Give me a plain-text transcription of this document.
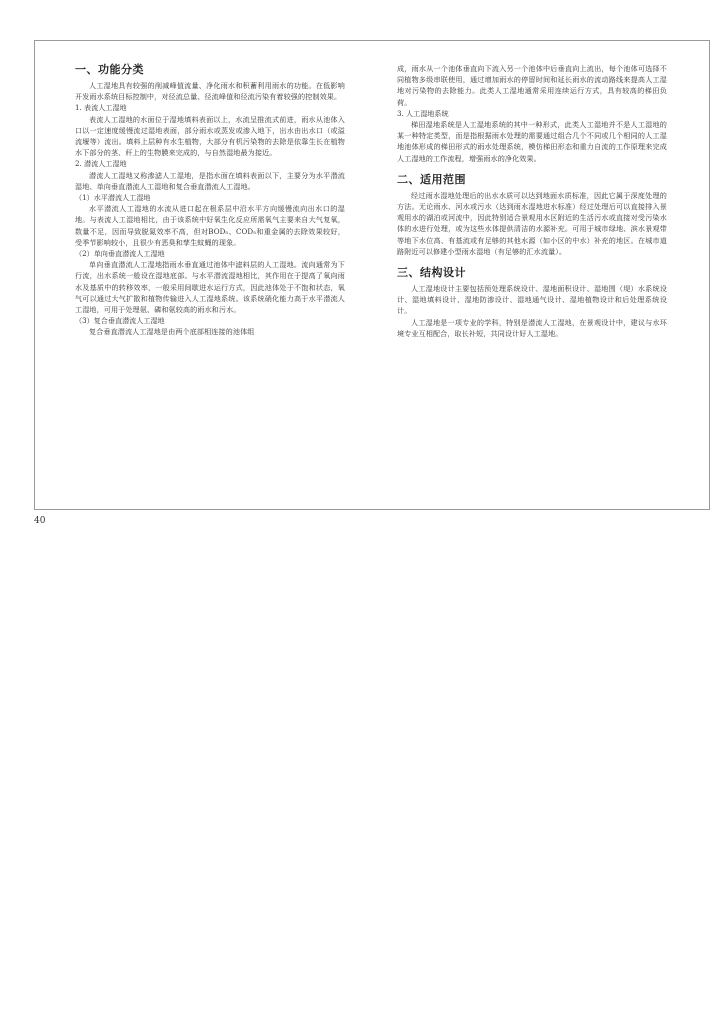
一、功能分类

人工湿地具有较强的削减峰值流量、净化雨水和积蓄利用雨水的功能。在低影响开发雨水系统目标控制中，对径流总量、径流峰值和径流污染有着较强的控制效果。

1. 表流人工湿地

表流人工湿地的水面位于湿地填料表面以上，水流呈推流式前进，雨水从池体入口以一定速度缓慢流过湿地表面，部分雨水或蒸发或渗入地下，出水由出水口（或溢流堰等）流出。填料上层种有水生植物，大部分有机污染物的去除是依靠生长在植物水下部分的茎、秆上的生物膜来完成的，与自然湿地最为接近。

2. 潜流人工湿地

潜流人工湿地又称渗滤人工湿地，是指水面在填料表面以下，主要分为水平潜流湿地、单向垂直潜流人工湿地和复合垂直潜流人工湿地。

（1）水平潜流人工湿地

水平潜流人工湿地的水流从进口起在根系层中沿水平方向缓慢流向出水口的湿地。与表流人工湿地相比，由于该系统中好氧生化反应所需氧气主要来自大气复氧，数量不足，因而导致脱氮效率不高，但对BOD₅、COD₅和重金属的去除效果较好，受季节影响较小，且很少有恶臭和孳生蚊蝇的现象。

（2）单向垂直潜流人工湿地

单向垂直潜流人工湿地指雨水垂直通过池体中滤料层的人工湿地。流向通常为下行流，出水系统一般设在湿地底部。与水平潜流湿地相比，其作用在于提高了氧向雨水及基质中的转移效率，一般采用间歇进水运行方式，因此池体处于不饱和状态，氧气可以通过大气扩散和植物传输进入人工湿地系统。该系统硝化能力高于水平潜流人工湿地，可用于处理氨、磷和氨较高的雨水和污水。

（3）复合垂直潜流人工湿地

复合垂直潜流人工湿地是由两个底部相连接的池体组

成，雨水从一个池体垂直向下流入另一个池体中后垂直向上流出，每个池体可选择不同植物多级串联使用，通过增加雨水的停留时间和延长雨水的流动路线来提高人工湿地对污染物的去除能力。此类人工湿地通常采用连续运行方式，具有较高的梯田负荷。

3. 人工湿地系统

梯田湿地系统是人工湿地系统的其中一种形式，此类人工湿地并不是人工湿地的某一种特定类型，而是指根据雨水处理的需要通过组合几个不同或几个相同的人工湿地池体形成的梯田形式的雨水处理系统，模仿梯田形态和重力自流的工作原理来完成人工湿地的工作流程，增强雨水的净化效果。

二、适用范围

经过雨水湿地处理后的出水水质可以达到地面水质标准，因此它属于深度处理的方法。无论雨水、河水或污水（达到雨水湿地进水标准）经过处理后可以直接排入景观用水的湖泊或河流中，因此特别适合景观用水区附近的生活污水或直接对受污染水体的水进行处理，或为这些水体提供清洁的水源补充。可用于城市绿地、滨水景观带等地下水位高、有基流或有足够的其他水源（如小区的中水）补充的地区。在城市道路附近可以修建小型雨水湿地（有足够的汇水流量）。

三、结构设计

人工湿地设计主要包括预处理系统设计、湿地面积设计、湿地围（堤）水系统设计、湿地填料设计、湿地防渗设计、湿地通气设计、湿地植物设计和后处理系统设计。

人工湿地是一项专业的学科，特别是潜流人工湿地，在景观设计中，建议与水环境专业互相配合，取长补短，共同设计好人工湿地。

40
